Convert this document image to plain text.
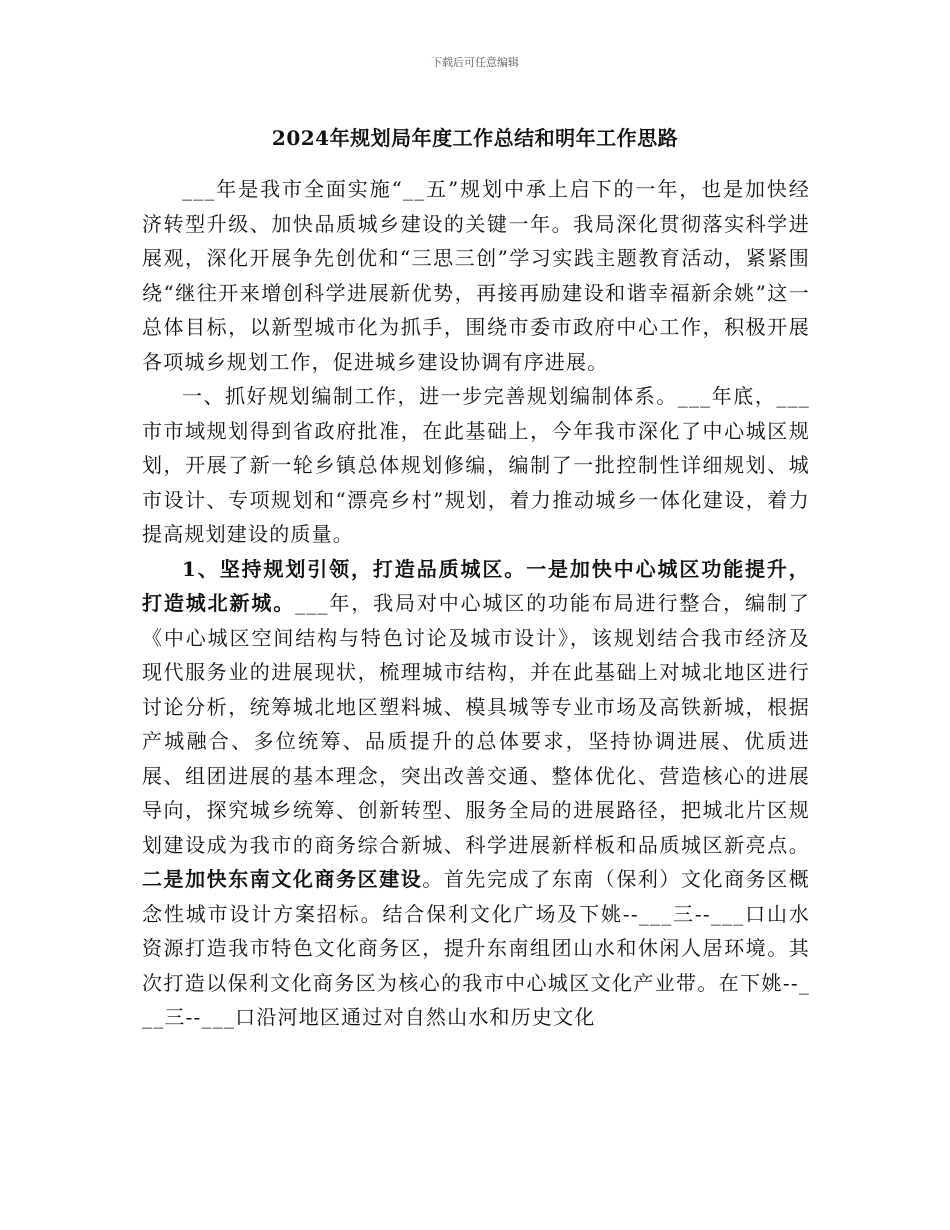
下载后可任意编辑
2024年规划局年度工作总结和明年工作思路

___年是我市全面实施“__五”规划中承上启下的一年，也是加快经济转型升级、加快品质城乡建设的关键一年。我局深化贯彻落实科学进展观，深化开展争先创优和“三思三创”学习实践主题教育活动，紧紧围绕“继往开来增创科学进展新优势，再接再励建设和谐幸福新余姚”这一总体目标，以新型城市化为抓手，围绕市委市政府中心工作，积极开展各项城乡规划工作，促进城乡建设协调有序进展。

一、抓好规划编制工作，进一步完善规划编制体系。___年底，___市市域规划得到省政府批准，在此基础上，今年我市深化了中心城区规划，开展了新一轮乡镇总体规划修编，编制了一批控制性详细规划、城市设计、专项规划和“漂亮乡村”规划，着力推动城乡一体化建设，着力提高规划建设的质量。

1、坚持规划引领，打造品质城区。一是加快中心城区功能提升，打造城北新城。___年，我局对中心城区的功能布局进行整合，编制了《中心城区空间结构与特色讨论及城市设计》，该规划结合我市经济及现代服务业的进展现状，梳理城市结构，并在此基础上对城北地区进行讨论分析，统筹城北地区塑料城、模具城等专业市场及高铁新城，根据产城融合、多位统筹、品质提升的总体要求，坚持协调进展、优质进展、组团进展的基本理念，突出改善交通、整体优化、营造核心的进展导向，探究城乡统筹、创新转型、服务全局的进展路径，把城北片区规划建设成为我市的商务综合新城、科学进展新样板和品质城区新亮点。二是加快东南文化商务区建设。首先完成了东南（保利）文化商务区概念性城市设计方案招标。结合保利文化广场及下姚--___三--___口山水资源打造我市特色文化商务区，提升东南组团山水和休闲人居环境。其次打造以保利文化商务区为核心的我市中心城区文化产业带。在下姚--___三--___口沿河地区通过对自然山水和历史文化
